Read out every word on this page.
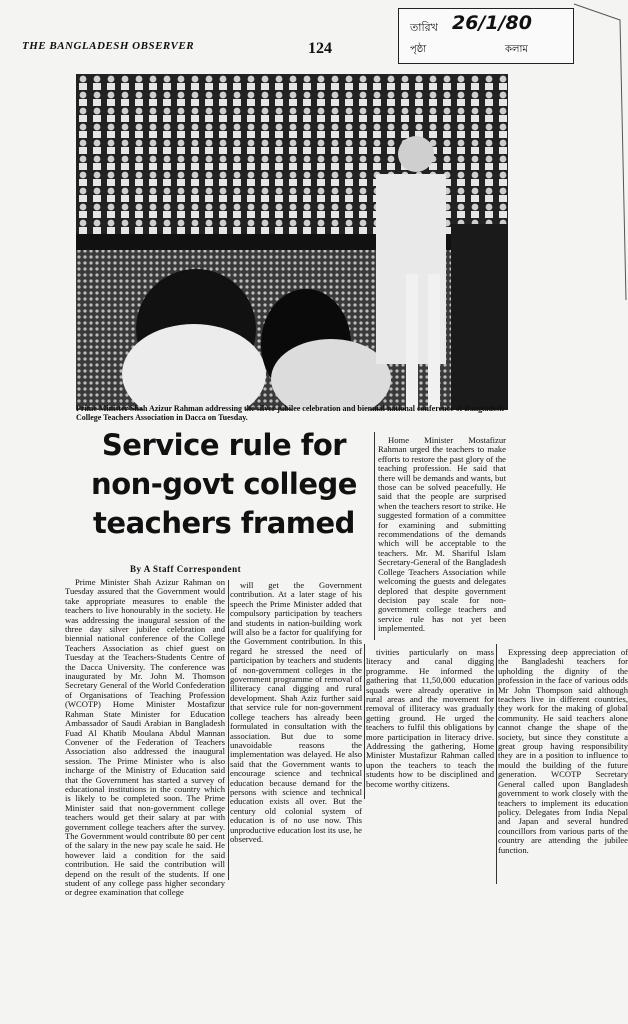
THE BANGLADESH OBSERVER	124
তারিখ 26/1/80
পৃষ্ঠা	কলাম
Prime Minister Shah Azizur Rahman addressing the silver jubilee celebration and biennial national conference of Bangladesh College Teachers Association in Dacca on Tuesday.
Service rule for
non-govt college
teachers framed
By A Staff Correspondent

Prime Minister Shah Azizur Rahman on Tuesday assured that the Government would take appropriate measures to enable the teachers to live honourably in the society. He was addressing the inaugural session of the three day silver jubilee celebration and biennial national conference of the College Teachers Association as chief guest on Tuesday at the Teachers-Students Centre of the Dacca University. The conference was inaugurated by Mr. John M. Thomson Secretary General of the World Confederation of Organisations of Teaching Profession (WCOTP) Home Minister Mostafizur Rahman State Minister for Education Ambassador of Saudi Arabian in Bangladesh Fuad Al Khatib Moulana Abdul Mannan Convener of the Federation of Teachers Association also addressed the inaugural session. The Prime Minister who is also incharge of the Ministry of Education said that the Government has started a survey of educational institutions in the country which is likely to be completed soon. The Prime Minister said that non-government college teachers would get their salary at par with government college teachers after the survey. The Government would contribute 80 per cent of the salary in the new pay scale he said. He however laid a condition for the said contribution. He said the contribution will depend on the result of the students. If one student of any college pass higher secondary or degree examination that college

will get the Government contribution. At a later stage of his speech the Prime Minister added that compulsory participation by teachers and students in nation-building work will also be a factor for qualifying for the Government contribution. In this regard he stressed the need of participation by teachers and students of non-government colleges in the government programme of removal of illiteracy canal digging and rural development. Shah Aziz further said that service rule for non-government college teachers has already been formulated in consultation with the association. But due to some unavoidable reasons the implementation was delayed. He also said that the Government wants to encourage science and technical education because demand for the persons with science and technical education exists all over. But the century old colonial system of education is of no use now. This unproductive education lost its use, he observed.

Home Minister Mostafizur Rahman urged the teachers to make efforts to restore the past glory of the teaching profession. He said that there will be demands and wants, but those can be solved peacefully. He said that the people are surprised when the teachers resort to strike. He suggested formation of a committee for examining and submitting recommendations of the demands which will be acceptable to the teachers. Mr. M. Shariful Islam Secretary-General of the Bangladesh College Teachers Association while welcoming the guests and delegates deplored that despite government decision pay scale for non-government college teachers and service rule has not yet been implemented.

tivities particularly on mass literacy and canal digging programme. He informed the gathering that 11,50,000 education squads were already operative in rural areas and the movement for removal of illiteracy was gradually getting ground. He urged the teachers to fulfil this obligations by more participation in literacy drive. Addressing the gathering, Home Minister Mustafizur Rahman called upon the teachers to teach the students how to be disciplined and become worthy citizens.

Expressing deep appreciation of the Bangladeshi teachers for upholding the dignity of the profession in the face of various odds Mr John Thompson said although teachers live in different countries, they work for the making of global community. He said teachers alone cannot change the shape of the society, but since they constitute a great group having responsibility they are in a position to influence to mould the building of the future generation. WCOTP Secretary General called upon Bangladesh government to work closely with the teachers to implement its education policy. Delegates from India Nepal and Japan and several hundred councillors from various parts of the country are attending the jubilee function.
